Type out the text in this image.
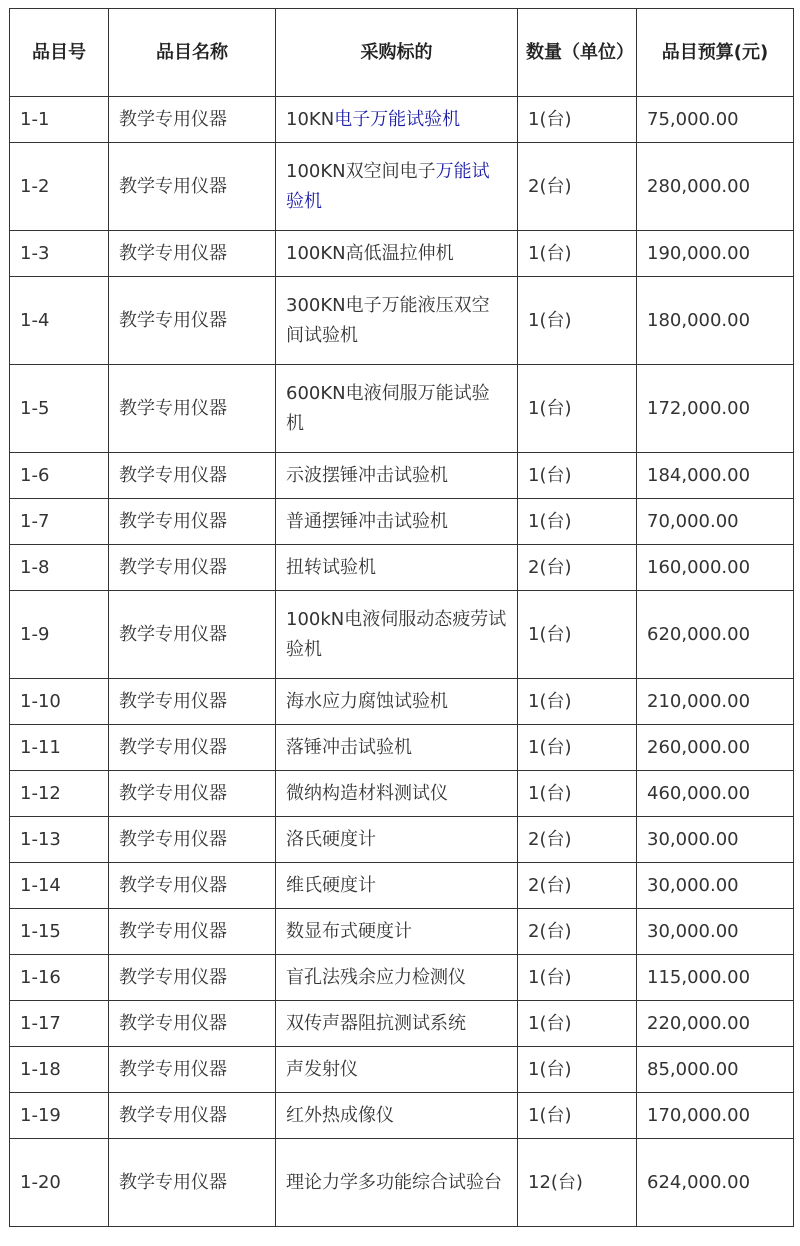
品目号	品目名称	采购标的	数量（单位）	品目预算(元)
1-1	教学专用仪器	10KN电子万能试验机	1(台)	75,000.00
1-2	教学专用仪器	100KN双空间电子万能试验机	2(台)	280,000.00
1-3	教学专用仪器	100KN高低温拉伸机	1(台)	190,000.00
1-4	教学专用仪器	300KN电子万能液压双空间试验机	1(台)	180,000.00
1-5	教学专用仪器	600KN电液伺服万能试验机	1(台)	172,000.00
1-6	教学专用仪器	示波摆锤冲击试验机	1(台)	184,000.00
1-7	教学专用仪器	普通摆锤冲击试验机	1(台)	70,000.00
1-8	教学专用仪器	扭转试验机	2(台)	160,000.00
1-9	教学专用仪器	100kN电液伺服动态疲劳试验机	1(台)	620,000.00
1-10	教学专用仪器	海水应力腐蚀试验机	1(台)	210,000.00
1-11	教学专用仪器	落锤冲击试验机	1(台)	260,000.00
1-12	教学专用仪器	微纳构造材料测试仪	1(台)	460,000.00
1-13	教学专用仪器	洛氏硬度计	2(台)	30,000.00
1-14	教学专用仪器	维氏硬度计	2(台)	30,000.00
1-15	教学专用仪器	数显布式硬度计	2(台)	30,000.00
1-16	教学专用仪器	盲孔法残余应力检测仪	1(台)	115,000.00
1-17	教学专用仪器	双传声器阻抗测试系统	1(台)	220,000.00
1-18	教学专用仪器	声发射仪	1(台)	85,000.00
1-19	教学专用仪器	红外热成像仪	1(台)	170,000.00
1-20	教学专用仪器	理论力学多功能综合试验台	12(台)	624,000.00
